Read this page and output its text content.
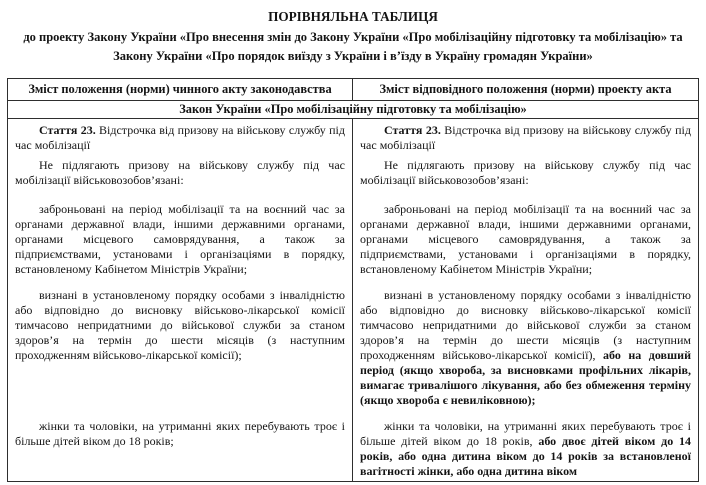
ПОРІВНЯЛЬНА ТАБЛИЦЯ
до проекту Закону України «Про внесення змін до Закону України «Про мобілізаційну підготовку та мобілізацію» та
Закону України «Про порядок виїзду з України і в’їзду в Україну громадян України»
Зміст положення (норми) чинного акту законодавства	Зміст відповідного положення (норми) проекту акта
Закон України «Про мобілізаційну підготовку та мобілізацію»

Стаття 23. Відстрочка від призову на військову службу під час мобілізації

Стаття 23. Відстрочка від призову на військову службу під час мобілізації

Не підлягають призову на військову службу під час мобілізації військовозобов’язані:

Не підлягають призову на військову службу під час мобілізації військовозобов’язані:

заброньовані на період мобілізації та на воєнний час за органами державної влади, іншими державними органами, органами місцевого самоврядування, а також за підприємствами, установами і організаціями в порядку, встановленому Кабінетом Міністрів України;

заброньовані на період мобілізації та на воєнний час за органами державної влади, іншими державними органами, органами місцевого самоврядування, а також за підприємствами, установами і організаціями в порядку, встановленому Кабінетом Міністрів України;

визнані в установленому порядку особами з інвалідністю або відповідно до висновку військово-лікарської комісії тимчасово непридатними до військової служби за станом здоров’я на термін до шести місяців (з наступним проходженням військово-лікарської комісії);

визнані в установленому порядку особами з інвалідністю або відповідно до висновку військово-лікарської комісії тимчасово непридатними до військової служби за станом здоров’я на термін до шести місяців (з наступним проходженням військово-лікарської комісії), або на довший період (якщо хвороба, за висновками профільних лікарів, вимагає тривалішого лікування, або без обмеження терміну (якщо хвороба є невиліковною);

жінки та чоловіки, на утриманні яких перебувають троє і більше дітей віком до 18 років;

жінки та чоловіки, на утриманні яких перебувають троє і більше дітей віком до 18 років, або двоє дітей віком до 14 років, або одна дитина віком до 14 років за встановленої вагітності жінки, або одна дитина віком
